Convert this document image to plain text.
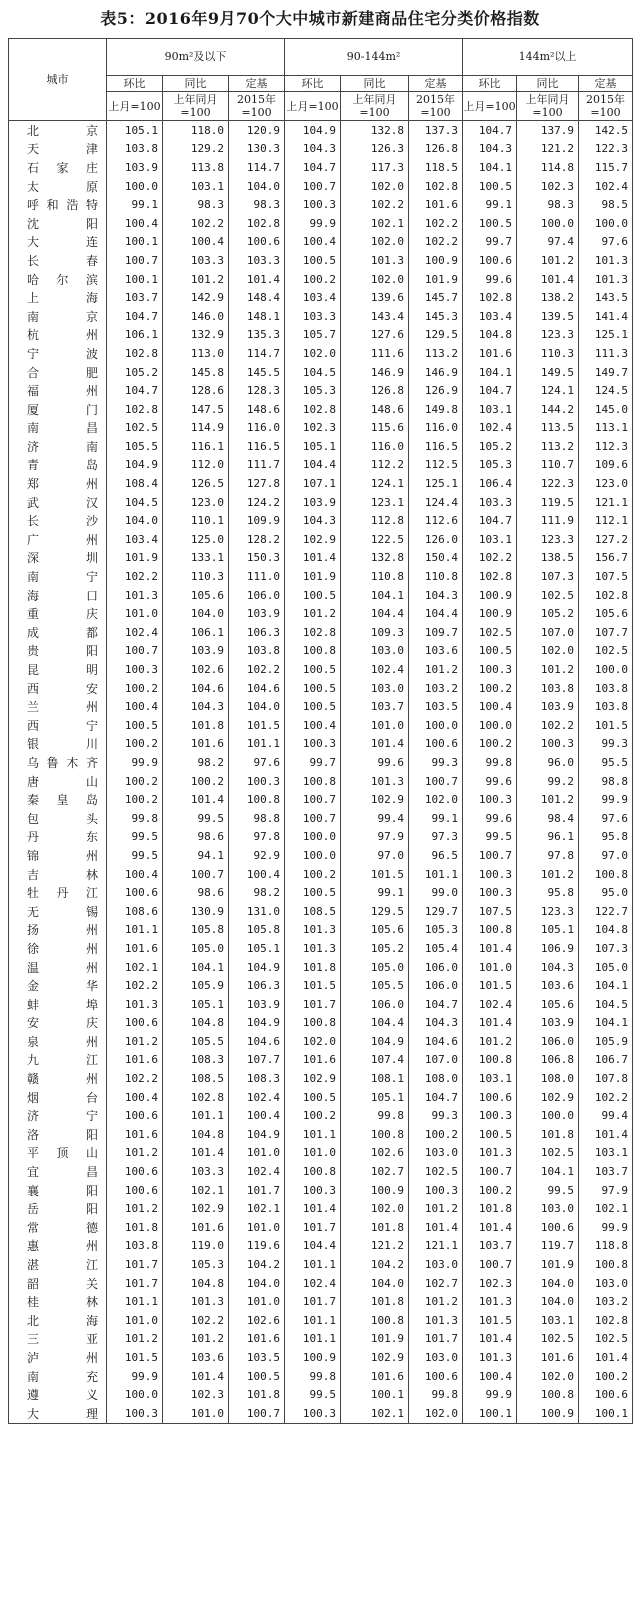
表5：2016年9月70个大中城市新建商品住宅分类价格指数
城市	90m²及以下			90-144m²			144m²以上		
	环比	同比	定基	环比	同比	定基	环比	同比	定基
	上月=100	上年同月=100	2015年=100	上月=100	上年同月=100	2015年=100	上月=100	上年同月=100	2015年=100
北京	105.1	118.0	120.9	104.9	132.8	137.3	104.7	137.9	142.5
天津	103.8	129.2	130.3	104.3	126.3	126.8	104.3	121.2	122.3
石家庄	103.9	113.8	114.7	104.7	117.3	118.5	104.1	114.8	115.7
太原	100.0	103.1	104.0	100.7	102.0	102.8	100.5	102.3	102.4
呼和浩特	99.1	98.3	98.3	100.3	102.2	101.6	99.1	98.3	98.5
沈阳	100.4	102.2	102.8	99.9	102.1	102.2	100.5	100.0	100.0
大连	100.1	100.4	100.6	100.4	102.0	102.2	99.7	97.4	97.6
长春	100.7	103.3	103.3	100.5	101.3	100.9	100.6	101.2	101.3
哈尔滨	100.1	101.2	101.4	100.2	102.0	101.9	99.6	101.4	101.3
上海	103.7	142.9	148.4	103.4	139.6	145.7	102.8	138.2	143.5
南京	104.7	146.0	148.1	103.3	143.4	145.3	103.4	139.5	141.4
杭州	106.1	132.9	135.3	105.7	127.6	129.5	104.8	123.3	125.1
宁波	102.8	113.0	114.7	102.0	111.6	113.2	101.6	110.3	111.3
合肥	105.2	145.8	145.5	104.5	146.9	146.9	104.1	149.5	149.7
福州	104.7	128.6	128.3	105.3	126.8	126.9	104.7	124.1	124.5
厦门	102.8	147.5	148.6	102.8	148.6	149.8	103.1	144.2	145.0
南昌	102.5	114.9	116.0	102.3	115.6	116.0	102.4	113.5	113.1
济南	105.5	116.1	116.5	105.1	116.0	116.5	105.2	113.2	112.3
青岛	104.9	112.0	111.7	104.4	112.2	112.5	105.3	110.7	109.6
郑州	108.4	126.5	127.8	107.1	124.1	125.1	106.4	122.3	123.0
武汉	104.5	123.0	124.2	103.9	123.1	124.4	103.3	119.5	121.1
长沙	104.0	110.1	109.9	104.3	112.8	112.6	104.7	111.9	112.1
广州	103.4	125.0	128.2	102.9	122.5	126.0	103.1	123.3	127.2
深圳	101.9	133.1	150.3	101.4	132.8	150.4	102.2	138.5	156.7
南宁	102.2	110.3	111.0	101.9	110.8	110.8	102.8	107.3	107.5
海口	101.3	105.6	106.0	100.5	104.1	104.3	100.9	102.5	102.8
重庆	101.0	104.0	103.9	101.2	104.4	104.4	100.9	105.2	105.6
成都	102.4	106.1	106.3	102.8	109.3	109.7	102.5	107.0	107.7
贵阳	100.7	103.9	103.8	100.8	103.0	103.6	100.5	102.0	102.5
昆明	100.3	102.6	102.2	100.5	102.4	101.2	100.3	101.2	100.0
西安	100.2	104.6	104.6	100.5	103.0	103.2	100.2	103.8	103.8
兰州	100.4	104.3	104.0	100.5	103.7	103.5	100.4	103.9	103.8
西宁	100.5	101.8	101.5	100.4	101.0	100.0	100.0	102.2	101.5
银川	100.2	101.6	101.1	100.3	101.4	100.6	100.2	100.3	99.3
乌鲁木齐	99.9	98.2	97.6	99.7	99.6	99.3	99.8	96.0	95.5
唐山	100.2	100.2	100.3	100.8	101.3	100.7	99.6	99.2	98.8
秦皇岛	100.2	101.4	100.8	100.7	102.9	102.0	100.3	101.2	99.9
包头	99.8	99.5	98.8	100.7	99.4	99.1	99.6	98.4	97.6
丹东	99.5	98.6	97.8	100.0	97.9	97.3	99.5	96.1	95.8
锦州	99.5	94.1	92.9	100.0	97.0	96.5	100.7	97.8	97.0
吉林	100.4	100.7	100.4	100.2	101.5	101.1	100.3	101.2	100.8
牡丹江	100.6	98.6	98.2	100.5	99.1	99.0	100.3	95.8	95.0
无锡	108.6	130.9	131.0	108.5	129.5	129.7	107.5	123.3	122.7
扬州	101.1	105.8	105.8	101.3	105.6	105.3	100.8	105.1	104.8
徐州	101.6	105.0	105.1	101.3	105.2	105.4	101.4	106.9	107.3
温州	102.1	104.1	104.9	101.8	105.0	106.0	101.0	104.3	105.0
金华	102.2	105.9	106.3	101.5	105.5	106.0	101.5	103.6	104.1
蚌埠	101.3	105.1	103.9	101.7	106.0	104.7	102.4	105.6	104.5
安庆	100.6	104.8	104.9	100.8	104.4	104.3	101.4	103.9	104.1
泉州	101.2	105.5	104.6	102.0	104.9	104.6	101.2	106.0	105.9
九江	101.6	108.3	107.7	101.6	107.4	107.0	100.8	106.8	106.7
赣州	102.2	108.5	108.3	102.9	108.1	108.0	103.1	108.0	107.8
烟台	100.4	102.8	102.4	100.5	105.1	104.7	100.6	102.9	102.2
济宁	100.6	101.1	100.4	100.2	99.8	99.3	100.3	100.0	99.4
洛阳	101.6	104.8	104.9	101.1	100.8	100.2	100.5	101.8	101.4
平顶山	101.2	101.4	101.0	101.0	102.6	103.0	101.3	102.5	103.1
宜昌	100.6	103.3	102.4	100.8	102.7	102.5	100.7	104.1	103.7
襄阳	100.6	102.1	101.7	100.3	100.9	100.3	100.2	99.5	97.9
岳阳	101.2	102.9	102.1	101.4	102.0	101.2	101.8	103.0	102.1
常德	101.8	101.6	101.0	101.7	101.8	101.4	101.4	100.6	99.9
惠州	103.8	119.0	119.6	104.4	121.2	121.1	103.7	119.7	118.8
湛江	101.7	105.3	104.2	101.1	104.2	103.0	100.7	101.9	100.8
韶关	101.7	104.8	104.0	102.4	104.0	102.7	102.3	104.0	103.0
桂林	101.1	101.3	101.0	101.7	101.8	101.2	101.3	104.0	103.2
北海	101.0	102.2	102.6	101.1	100.8	101.3	101.5	103.1	102.8
三亚	101.2	101.2	101.6	101.1	101.9	101.7	101.4	102.5	102.5
泸州	101.5	103.6	103.5	100.9	102.9	103.0	101.3	101.6	101.4
南充	99.9	101.4	100.5	99.8	101.6	100.6	100.4	102.0	100.2
遵义	100.0	102.3	101.8	99.5	100.1	99.8	99.9	100.8	100.6
大理	100.3	101.0	100.7	100.3	102.1	102.0	100.1	100.9	100.1
